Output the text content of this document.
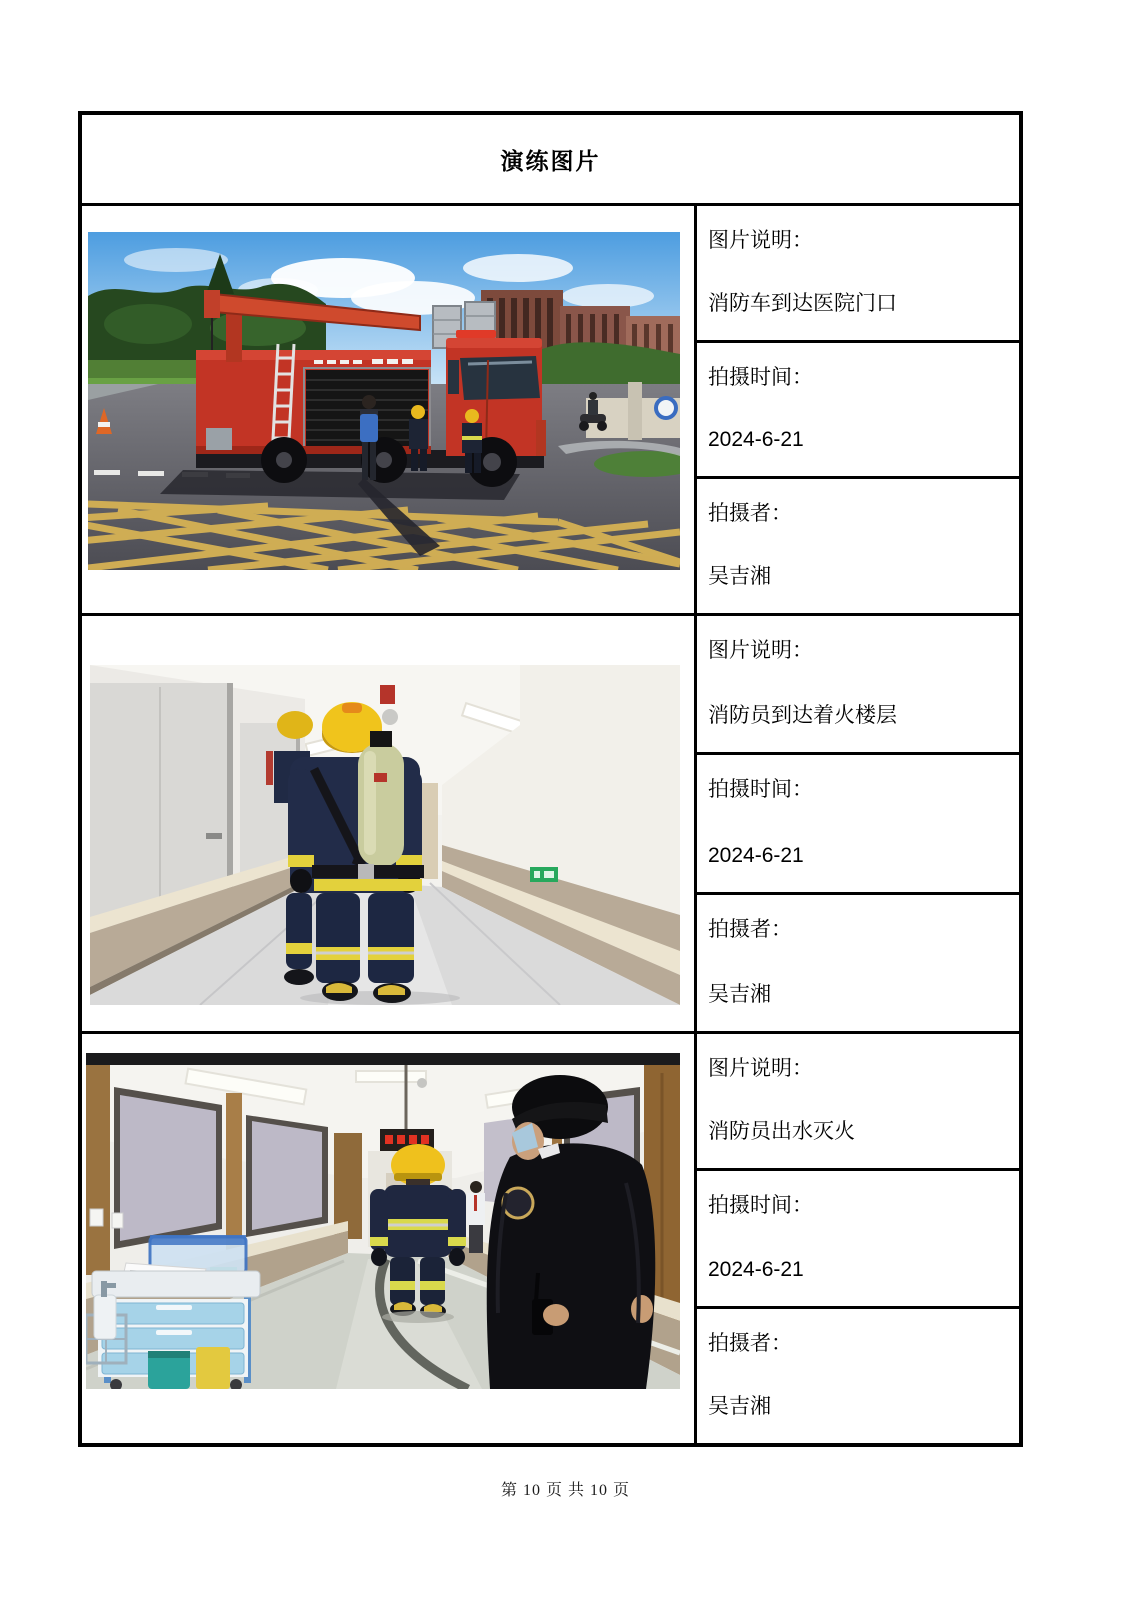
演练图片
图片说明：
消防车到达医院门口
拍摄时间：
2024-6-21
拍摄者：
吴吉湘
图片说明：
消防员到达着火楼层
拍摄时间：
2024-6-21
拍摄者：
吴吉湘
图片说明：
消防员出水灭火
拍摄时间：
2024-6-21
拍摄者：
吴吉湘
第 10 页 共 10 页
